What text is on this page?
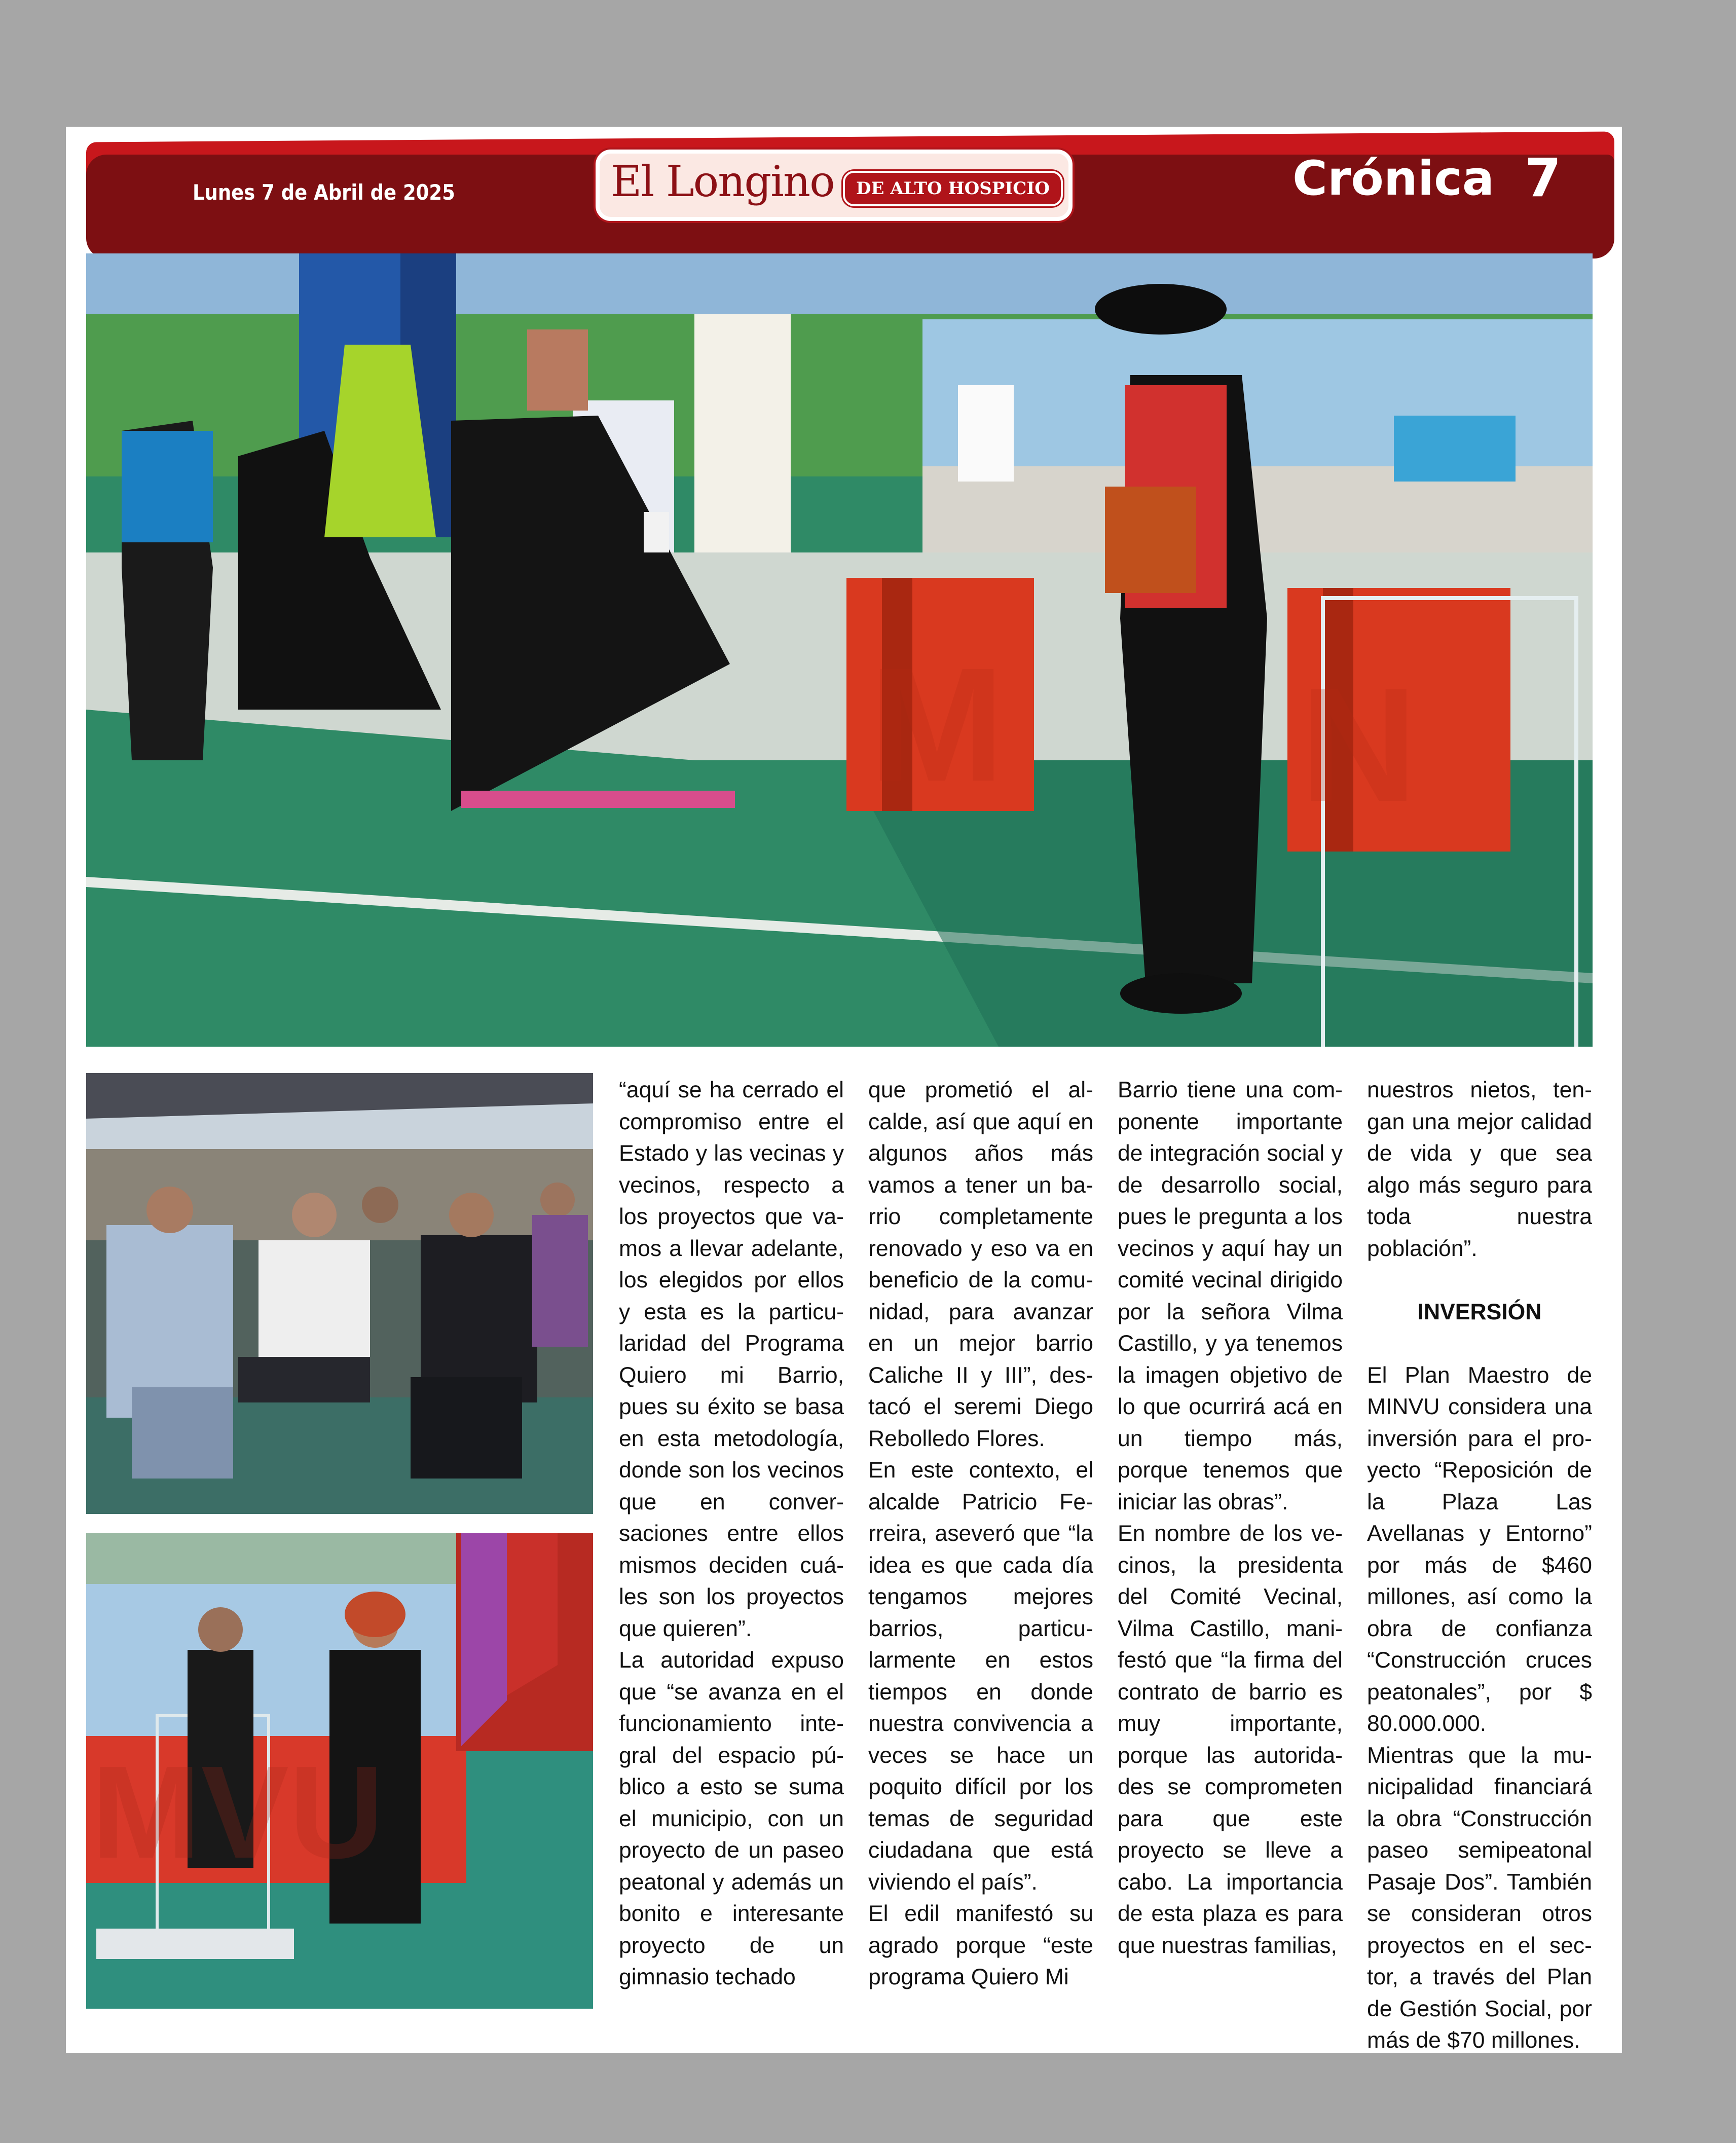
Lunes 7 de Abril de 2025	El Longino	DE ALTO HOSPICIO	Crónica 7
M N
MVU

“aquí se ha cerrado el compromiso entre el Estado y las vecinas y vecinos, respecto a los proyectos que vamos a llevar adelante, los elegidos por ellos y esta es la particularidad del Programa Quiero mi Barrio, pues su éxito se basa en esta metodología, donde son los vecinos que en conversaciones entre ellos mismos deciden cuáles son los proyectos que quieren”.

La autoridad expuso que “se avanza en el funcionamiento integral del espacio público a esto se suma el municipio, con un proyecto de un paseo peatonal y además un bonito e interesante proyecto de un gimnasio techado

que prometió el alcalde, así que aquí en algunos años más vamos a tener un barrio completamente renovado y eso va en beneficio de la comunidad, para avanzar en un mejor barrio Caliche II y III”, destacó el seremi Diego Rebolledo Flores.

En este contexto, el alcalde Patricio Ferreira, aseveró que “la idea es que cada día tengamos mejores barrios, particularmente en estos tiempos en donde nuestra convivencia a veces se hace un poquito difícil por los temas de seguridad ciudadana que está viviendo el país”.

El edil manifestó su agrado porque “este programa Quiero Mi

Barrio tiene una componente importante de integración social y de desarrollo social, pues le pregunta a los vecinos y aquí hay un comité vecinal dirigido por la señora Vilma Castillo, y ya tenemos la imagen objetivo de lo que ocurrirá acá en un tiempo más, porque tenemos que iniciar las obras”.

En nombre de los vecinos, la presidenta del Comité Vecinal, Vilma Castillo, manifestó que “la firma del contrato de barrio es muy importante, porque las autoridades se comprometen para que este proyecto se lleve a cabo. La importancia de esta plaza es para que nuestras familias,

nuestros nietos, tengan una mejor calidad de vida y que sea algo más seguro para toda nuestra población”.

INVERSIÓN

El Plan Maestro de MINVU considera una inversión para el proyecto “Reposición de la Plaza Las Avellanas y Entorno” por más de $460 millones, así como la obra de confianza “Construcción cruces peatonales”, por $ 80.000.000.

Mientras que la municipalidad financiará la obra “Construcción paseo semipeatonal Pasaje Dos”. También se consideran otros proyectos en el sector, a través del Plan de Gestión Social, por más de $70 millones.
